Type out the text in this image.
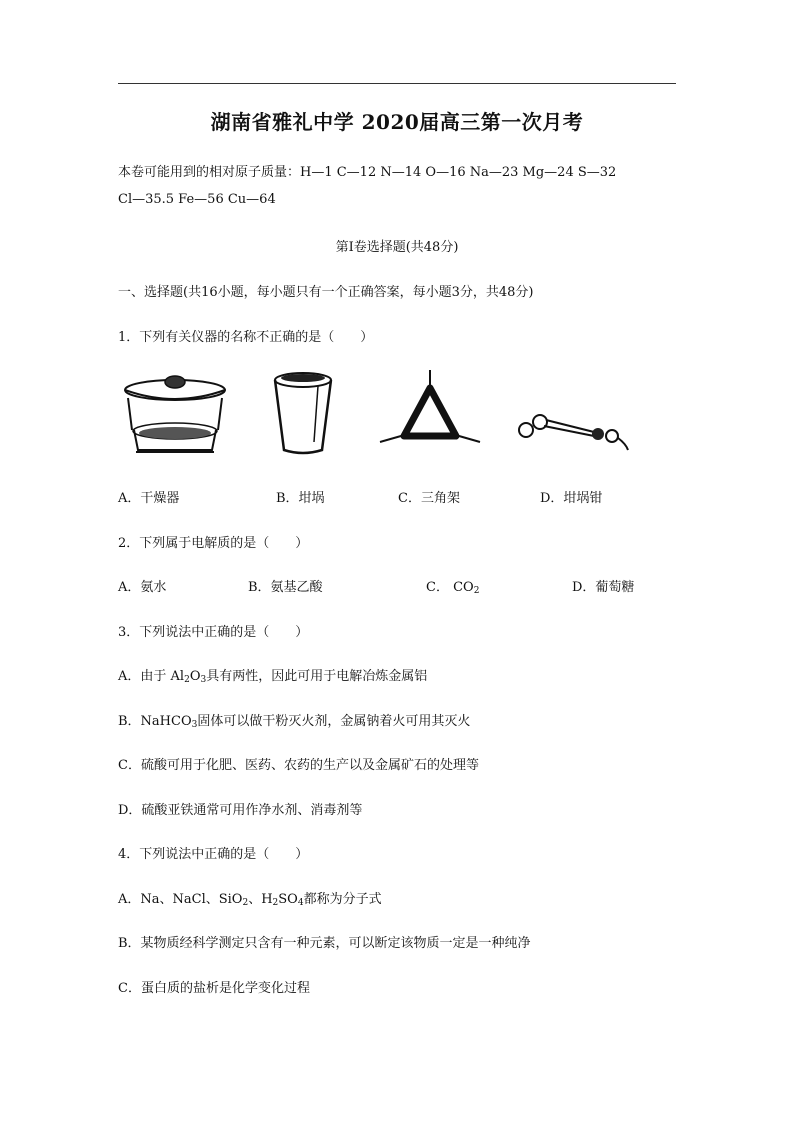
湖南省雅礼中学 2020届高三第一次月考
本卷可能用到的相对原子质量：H—1 C—12 N—14 O—16 Na—23 Mg—24 S—32
Cl—35.5 Fe—56 Cu—64
第Ⅰ卷选择题(共48分)
一、选择题(共16小题，每小题只有一个正确答案，每小题3分，共48分)
1．下列有关仪器的名称不正确的是（　　）
A．干燥器	B．坩埚	C．三角架	D．坩埚钳
2．下列属于电解质的是（　　）
A．氨水	B．氨基乙酸	C． $CO_2$	D．葡萄糖
3．下列说法中正确的是（　　）
A．由于 $Al_2O_3$具有两性，因此可用于电解冶炼金属铝
B．NaHCO$_3$固体可以做干粉灭火剂，金属钠着火可用其灭火
C．硫酸可用于化肥、医药、农药的生产以及金属矿石的处理等
D．硫酸亚铁通常可用作净水剂、消毒剂等
4．下列说法中正确的是（　　）
A．Na、NaCl、SiO$_2$、$H_2SO_4$都称为分子式
B．某物质经科学测定只含有一种元素，可以断定该物质一定是一种纯净
C．蛋白质的盐析是化学变化过程
